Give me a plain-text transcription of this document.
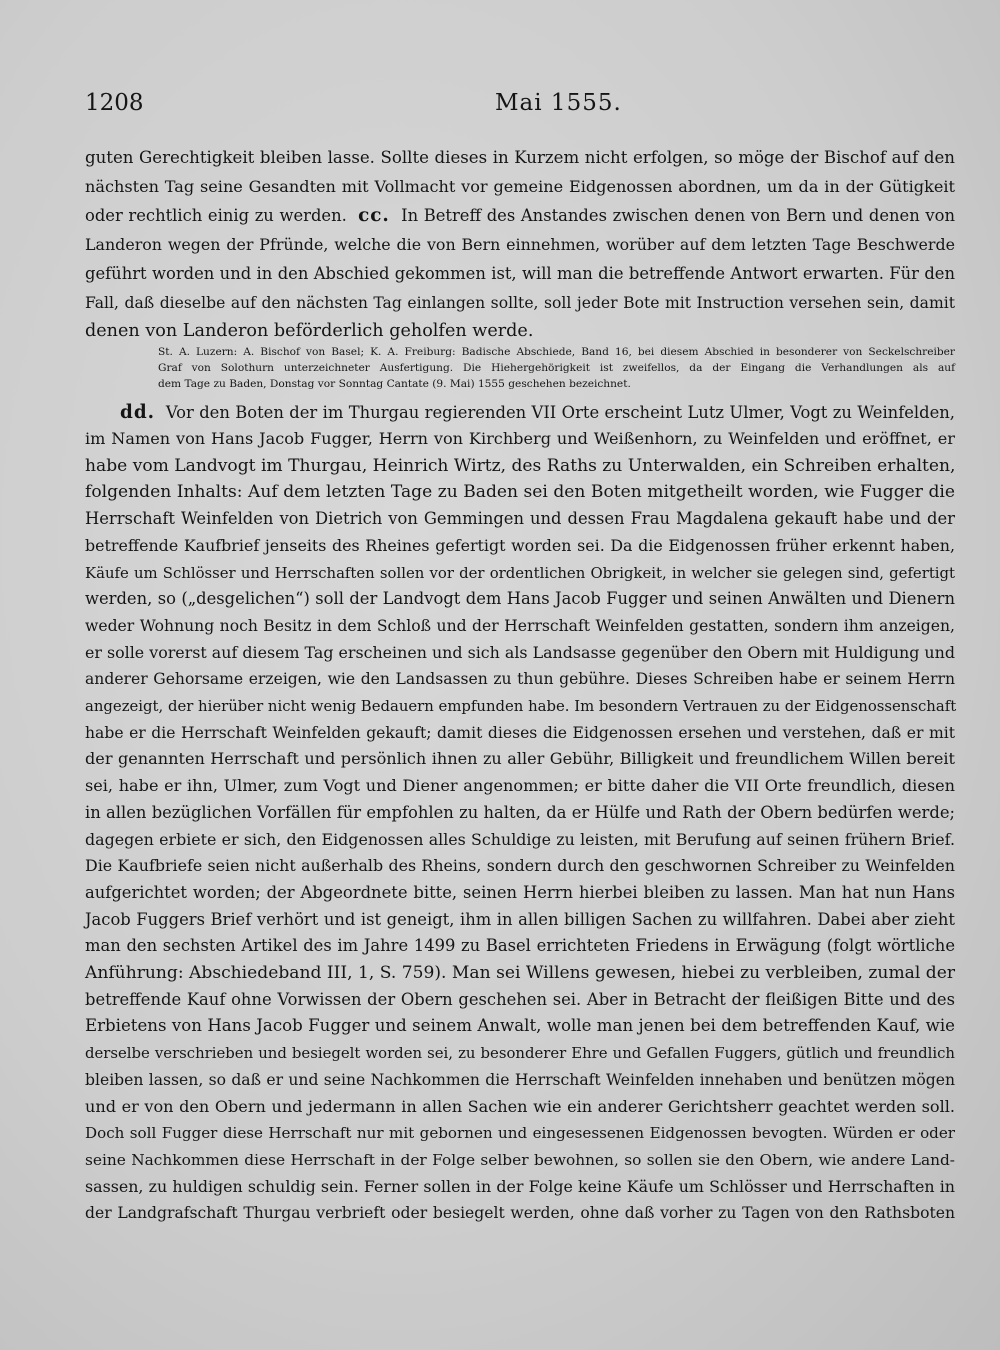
1208	Mai 1555.
guten Gerechtigkeit bleiben lasse. Sollte dieses in Kurzem nicht erfolgen, so möge der Bischof auf den
nächsten Tag seine Gesandten mit Vollmacht vor gemeine Eidgenossen abordnen, um da in der Gütigkeit
oder rechtlich einig zu werden. cc. In Betreff des Anstandes zwischen denen von Bern und denen von
Landeron wegen der Pfründe, welche die von Bern einnehmen, worüber auf dem letzten Tage Beschwerde
geführt worden und in den Abschied gekommen ist, will man die betreffende Antwort erwarten. Für den
Fall, daß dieselbe auf den nächsten Tag einlangen sollte, soll jeder Bote mit Instruction versehen sein, damit
denen von Landeron beförderlich geholfen werde.
St. A. Luzern: A. Bischof von Basel; K. A. Freiburg: Badische Abschiede, Band 16, bei diesem Abschied in besonderer von Seckelschreiber
Graf von Solothurn unterzeichneter Ausfertigung. Die Hiehergehörigkeit ist zweifellos, da der Eingang die Verhandlungen als auf
dem Tage zu Baden, Donstag vor Sonntag Cantate (9. Mai) 1555 geschehen bezeichnet.
dd. Vor den Boten der im Thurgau regierenden VII Orte erscheint Lutz Ulmer, Vogt zu Weinfelden,
im Namen von Hans Jacob Fugger, Herrn von Kirchberg und Weißenhorn, zu Weinfelden und eröffnet, er
habe vom Landvogt im Thurgau, Heinrich Wirtz, des Raths zu Unterwalden, ein Schreiben erhalten,
folgenden Inhalts: Auf dem letzten Tage zu Baden sei den Boten mitgetheilt worden, wie Fugger die
Herrschaft Weinfelden von Dietrich von Gemmingen und dessen Frau Magdalena gekauft habe und der
betreffende Kaufbrief jenseits des Rheines gefertigt worden sei. Da die Eidgenossen früher erkennt haben,
Käufe um Schlösser und Herrschaften sollen vor der ordentlichen Obrigkeit, in welcher sie gelegen sind, gefertigt
werden, so („desgelichen“) soll der Landvogt dem Hans Jacob Fugger und seinen Anwälten und Dienern
weder Wohnung noch Besitz in dem Schloß und der Herrschaft Weinfelden gestatten, sondern ihm anzeigen,
er solle vorerst auf diesem Tag erscheinen und sich als Landsasse gegenüber den Obern mit Huldigung und
anderer Gehorsame erzeigen, wie den Landsassen zu thun gebühre. Dieses Schreiben habe er seinem Herrn
angezeigt, der hierüber nicht wenig Bedauern empfunden habe. Im besondern Vertrauen zu der Eidgenossenschaft
habe er die Herrschaft Weinfelden gekauft; damit dieses die Eidgenossen ersehen und verstehen, daß er mit
der genannten Herrschaft und persönlich ihnen zu aller Gebühr, Billigkeit und freundlichem Willen bereit
sei, habe er ihn, Ulmer, zum Vogt und Diener angenommen; er bitte daher die VII Orte freundlich, diesen
in allen bezüglichen Vorfällen für empfohlen zu halten, da er Hülfe und Rath der Obern bedürfen werde;
dagegen erbiete er sich, den Eidgenossen alles Schuldige zu leisten, mit Berufung auf seinen frühern Brief.
Die Kaufbriefe seien nicht außerhalb des Rheins, sondern durch den geschwornen Schreiber zu Weinfelden
aufgerichtet worden; der Abgeordnete bitte, seinen Herrn hierbei bleiben zu lassen. Man hat nun Hans
Jacob Fuggers Brief verhört und ist geneigt, ihm in allen billigen Sachen zu willfahren. Dabei aber zieht
man den sechsten Artikel des im Jahre 1499 zu Basel errichteten Friedens in Erwägung (folgt wörtliche
Anführung: Abschiedeband III, 1, S. 759). Man sei Willens gewesen, hiebei zu verbleiben, zumal der
betreffende Kauf ohne Vorwissen der Obern geschehen sei. Aber in Betracht der fleißigen Bitte und des
Erbietens von Hans Jacob Fugger und seinem Anwalt, wolle man jenen bei dem betreffenden Kauf, wie
derselbe verschrieben und besiegelt worden sei, zu besonderer Ehre und Gefallen Fuggers, gütlich und freundlich
bleiben lassen, so daß er und seine Nachkommen die Herrschaft Weinfelden innehaben und benützen mögen
und er von den Obern und jedermann in allen Sachen wie ein anderer Gerichtsherr geachtet werden soll.
Doch soll Fugger diese Herrschaft nur mit gebornen und eingesessenen Eidgenossen bevogten. Würden er oder
seine Nachkommen diese Herrschaft in der Folge selber bewohnen, so sollen sie den Obern, wie andere Land-
sassen, zu huldigen schuldig sein. Ferner sollen in der Folge keine Käufe um Schlösser und Herrschaften in
der Landgrafschaft Thurgau verbrieft oder besiegelt werden, ohne daß vorher zu Tagen von den Rathsboten
